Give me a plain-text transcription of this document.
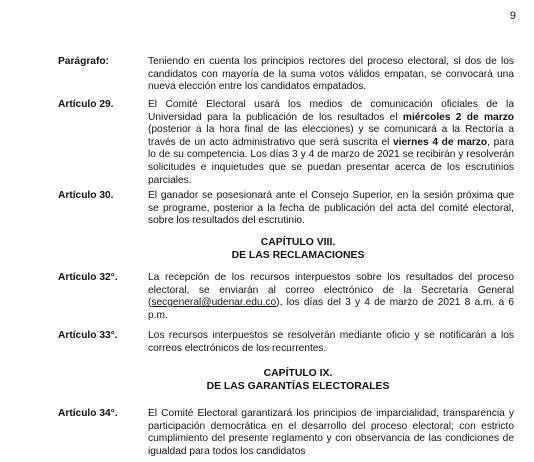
9
Parágrafo:	Teniendo en cuenta los principios rectores del proceso electoral, si dos de los candidatos con mayoría de la suma votos válidos empatan, se convocará una nueva elección entre los candidatos empatados.
Artículo 29.	El Comité Electoral usará los medios de comunicación oficiales de la Universidad para la publicación de los resultados el miércoles 2 de marzo (posterior a la hora final de las elecciones) y se comunicará a la Rectoría a través de un acto administrativo que será suscrita el viernes 4 de marzo, para lo de su competencia. Los días 3 y 4 de marzo de 2021 se recibirán y resolverán solicitudes e inquietudes que se puedan presentar acerca de los escrutinios parciales.
Artículo 30.	El ganador se posesionará ante el Consejo Superior, en la sesión próxima que se programe, posterior a la fecha de publicación del acta del comité electoral, sobre los resultados del escrutinio.
CAPÍTULO VIII.
DE LAS RECLAMACIONES
Artículo 32°.	La recepción de los recursos interpuestos sobre los resultados del proceso electoral, se enviarán al correo electrónico de la Secretaría General (secgeneral@udenar.edu.co), los días del 3 y 4 de marzo de 2021 8 a.m. a 6 p.m.
Artículo 33°.	Los recursos interpuestos se resolverán mediante oficio y se notificarán a los correos electrónicos de los recurrentes.
CAPÍTULO IX.
DE LAS GARANTÍAS ELECTORALES
Artículo 34°.	El Comité Electoral garantizará los principios de imparcialidad, transparencia y participación democrática en el desarrollo del proceso electoral; con estricto cumplimiento del presente reglamento y con observancia de las condiciones de igualdad para todos los candidatos
